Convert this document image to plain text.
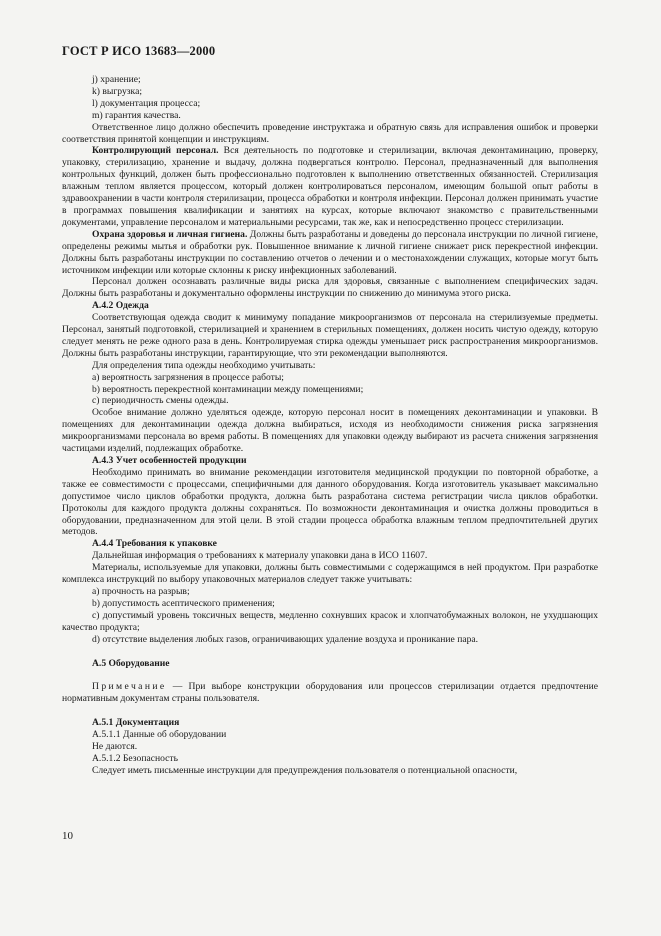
ГОСТ Р ИСО 13683—2000

j) хранение;

k) выгрузка;

l) документация процесса;

m) гарантия качества.

Ответственное лицо должно обеспечить проведение инструктажа и обратную связь для исправления ошибок и проверки соответствия принятой концепции и инструкциям.

Контролирующий персонал. Вся деятельность по подготовке и стерилизации, включая деконтаминацию, проверку, упаковку, стерилизацию, хранение и выдачу, должна подвергаться контролю. Персонал, предназначенный для выполнения контрольных функций, должен быть профессионально подготовлен к выполнению ответственных обязанностей. Стерилизация влажным теплом является процессом, который должен контролироваться персоналом, имеющим большой опыт работы в здравоохранении в части контроля стерилизации, процесса обработки и контроля инфекции. Персонал должен принимать участие в программах повышения квалификации и занятиях на курсах, которые включают знакомство с правительственными документами, управление персоналом и материальными ресурсами, так же, как и непосредственно процесс стерилизации.

Охрана здоровья и личная гигиена. Должны быть разработаны и доведены до персонала инструкции по личной гигиене, определены режимы мытья и обработки рук. Повышенное внимание к личной гигиене снижает риск перекрестной инфекции. Должны быть разработаны инструкции по составлению отчетов о лечении и о местонахождении служащих, которые могут быть источником инфекции или которые склонны к риску инфекционных заболеваний.

Персонал должен осознавать различные виды риска для здоровья, связанные с выполнением специфических задач. Должны быть разработаны и документально оформлены инструкции по снижению до минимума этого риска.

А.4.2 Одежда

Соответствующая одежда сводит к минимуму попадание микроорганизмов от персонала на стерилизуемые предметы. Персонал, занятый подготовкой, стерилизацией и хранением в стерильных помещениях, должен носить чистую одежду, которую следует менять не реже одного раза в день. Контролируемая стирка одежды уменьшает риск распространения микроорганизмов. Должны быть разработаны инструкции, гарантирующие, что эти рекомендации выполняются.

Для определения типа одежды необходимо учитывать:

а) вероятность загрязнения в процессе работы;

b) вероятность перекрестной контаминации между помещениями;

с) периодичность смены одежды.

Особое внимание должно уделяться одежде, которую персонал носит в помещениях деконтаминации и упаковки. В помещениях для деконтаминации одежда должна выбираться, исходя из необходимости снижения риска загрязнения микроорганизмами персонала во время работы. В помещениях для упаковки одежду выбирают из расчета снижения загрязнения частицами изделий, подлежащих обработке.

А.4.3 Учет особенностей продукции

Необходимо принимать во внимание рекомендации изготовителя медицинской продукции по повторной обработке, а также ее совместимости с процессами, специфичными для данного оборудования. Когда изготовитель указывает максимально допустимое число циклов обработки продукта, должна быть разработана система регистрации числа циклов обработки. Протоколы для каждого продукта должны сохраняться. По возможности деконтаминация и очистка должны проводиться в оборудовании, предназначенном для этой цели. В этой стадии процесса обработка влажным теплом предпочтительней других методов.

А.4.4 Требования к упаковке

Дальнейшая информация о требованиях к материалу упаковки дана в ИСО 11607.

Материалы, используемые для упаковки, должны быть совместимыми с содержащимся в ней продуктом. При разработке комплекса инструкций по выбору упаковочных материалов следует также учитывать:

а) прочность на разрыв;

b) допустимость асептического применения;

с) допустимый уровень токсичных веществ, медленно сохнувших красок и хлопчатобумажных волокон, не ухудшающих качество продукта;

d) отсутствие выделения любых газов, ограничивающих удаление воздуха и проникание пара.

А.5 Оборудование

Примечание — При выборе конструкции оборудования или процессов стерилизации отдается предпочтение нормативным документам страны пользователя.

А.5.1 Документация

А.5.1.1 Данные об оборудовании

Не даются.

А.5.1.2 Безопасность

Следует иметь письменные инструкции для предупреждения пользователя о потенциальной опасности,

10
